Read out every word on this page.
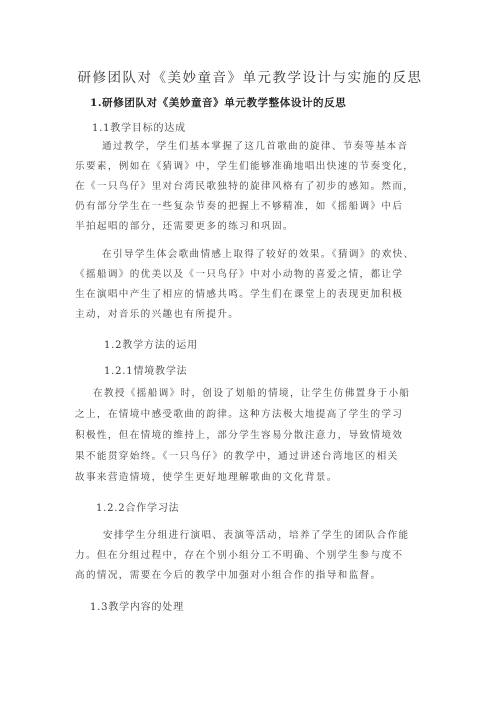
研修团队对《美妙童音》单元教学设计与实施的反思
1.研修团队对《美妙童音》单元教学整体设计的反思
1.1教学目标的达成
通过教学，学生们基本掌握了这几首歌曲的旋律、节奏等基本音
乐要素，例如在《猜调》中，学生们能够准确地唱出快速的节奏变化，
在《一只鸟仔》里对台湾民歌独特的旋律风格有了初步的感知。然而，
仍有部分学生在一些复杂节奏的把握上不够精准，如《摇船调》中后
半拍起唱的部分，还需要更多的练习和巩固。
在引导学生体会歌曲情感上取得了较好的效果。《猜调》的欢快、
《摇船调》的优美以及《一只鸟仔》中对小动物的喜爱之情，都让学
生在演唱中产生了相应的情感共鸣。学生们在课堂上的表现更加积极
主动，对音乐的兴趣也有所提升。
1.2教学方法的运用
1.2.1情境教学法
在教授《摇船调》时，创设了划船的情境，让学生仿佛置身于小船
之上，在情境中感受歌曲的韵律。这种方法极大地提高了学生的学习
积极性，但在情境的维持上，部分学生容易分散注意力，导致情境效
果不能贯穿始终。《一只鸟仔》的教学中，通过讲述台湾地区的相关
故事来营造情境，使学生更好地理解歌曲的文化背景。
1.2.2合作学习法
安排学生分组进行演唱、表演等活动，培养了学生的团队合作能
力。但在分组过程中，存在个别小组分工不明确、个别学生参与度不
高的情况，需要在今后的教学中加强对小组合作的指导和监督。
1.3教学内容的处理
